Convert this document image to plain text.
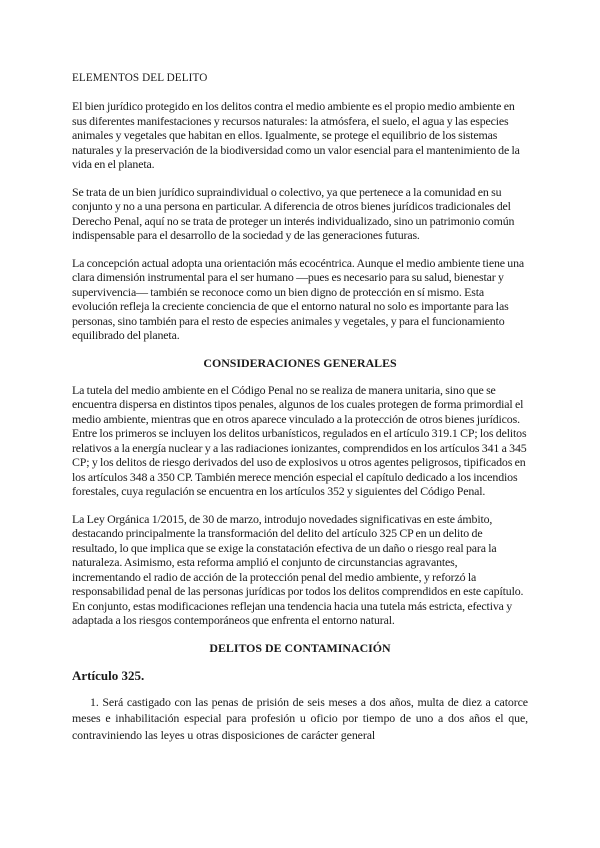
ELEMENTOS DEL DELITO

El bien jurídico protegido en los delitos contra el medio ambiente es el propio medio ambiente en sus diferentes manifestaciones y recursos naturales: la atmósfera, el suelo, el agua y las especies animales y vegetales que habitan en ellos. Igualmente, se protege el equilibrio de los sistemas naturales y la preservación de la biodiversidad como un valor esencial para el mantenimiento de la vida en el planeta.

Se trata de un bien jurídico supraindividual o colectivo, ya que pertenece a la comunidad en su conjunto y no a una persona en particular. A diferencia de otros bienes jurídicos tradicionales del Derecho Penal, aquí no se trata de proteger un interés individualizado, sino un patrimonio común indispensable para el desarrollo de la sociedad y de las generaciones futuras.

La concepción actual adopta una orientación más ecocéntrica. Aunque el medio ambiente tiene una clara dimensión instrumental para el ser humano —pues es necesario para su salud, bienestar y supervivencia— también se reconoce como un bien digno de protección en sí mismo. Esta evolución refleja la creciente conciencia de que el entorno natural no solo es importante para las personas, sino también para el resto de especies animales y vegetales, y para el funcionamiento equilibrado del planeta.

CONSIDERACIONES GENERALES

La tutela del medio ambiente en el Código Penal no se realiza de manera unitaria, sino que se encuentra dispersa en distintos tipos penales, algunos de los cuales protegen de forma primordial el medio ambiente, mientras que en otros aparece vinculado a la protección de otros bienes jurídicos. Entre los primeros se incluyen los delitos urbanísticos, regulados en el artículo 319.1 CP; los delitos relativos a la energía nuclear y a las radiaciones ionizantes, comprendidos en los artículos 341 a 345 CP; y los delitos de riesgo derivados del uso de explosivos u otros agentes peligrosos, tipificados en los artículos 348 a 350 CP. También merece mención especial el capítulo dedicado a los incendios forestales, cuya regulación se encuentra en los artículos 352 y siguientes del Código Penal.

La Ley Orgánica 1/2015, de 30 de marzo, introdujo novedades significativas en este ámbito, destacando principalmente la transformación del delito del artículo 325 CP en un delito de resultado, lo que implica que se exige la constatación efectiva de un daño o riesgo real para la naturaleza. Asimismo, esta reforma amplió el conjunto de circunstancias agravantes, incrementando el radio de acción de la protección penal del medio ambiente, y reforzó la responsabilidad penal de las personas jurídicas por todos los delitos comprendidos en este capítulo. En conjunto, estas modificaciones reflejan una tendencia hacia una tutela más estricta, efectiva y adaptada a los riesgos contemporáneos que enfrenta el entorno natural.

DELITOS DE CONTAMINACIÓN
Artículo 325.

1. Será castigado con las penas de prisión de seis meses a dos años, multa de diez a catorce meses e inhabilitación especial para profesión u oficio por tiempo de uno a dos años el que, contraviniendo las leyes u otras disposiciones de carácter general
